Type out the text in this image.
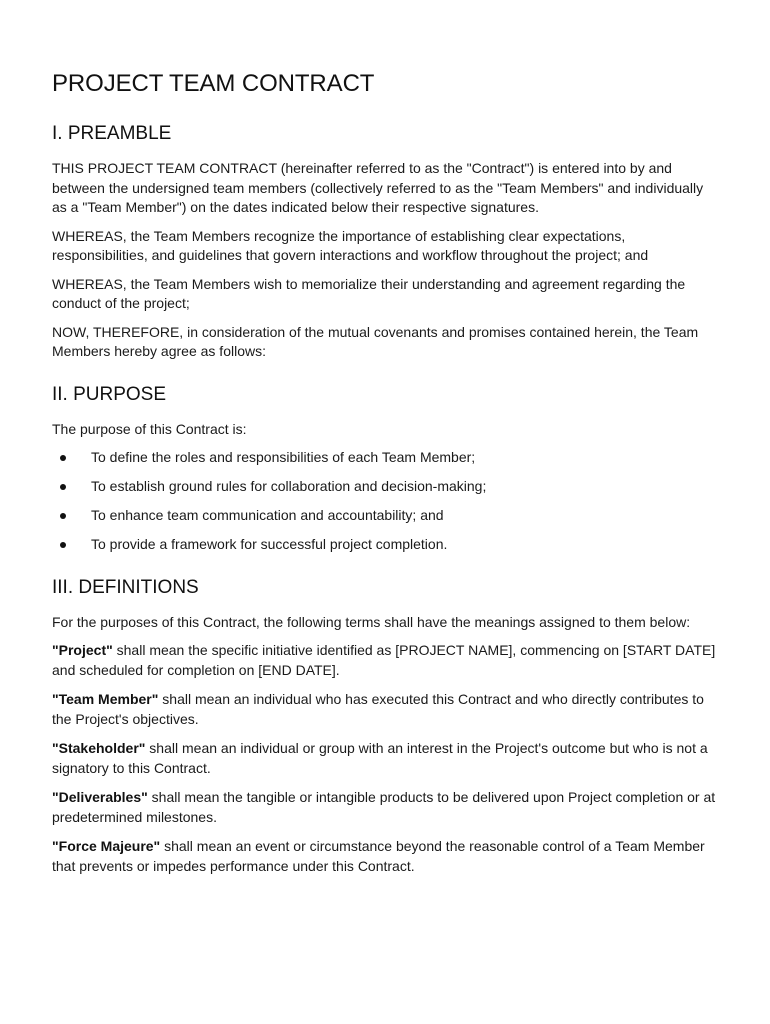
PROJECT TEAM CONTRACT
I. PREAMBLE

THIS PROJECT TEAM CONTRACT (hereinafter referred to as the "Contract") is entered into by and between the undersigned team members (collectively referred to as the "Team Members" and individually as a "Team Member") on the dates indicated below their respective signatures.

WHEREAS, the Team Members recognize the importance of establishing clear expectations, responsibilities, and guidelines that govern interactions and workflow throughout the project; and

WHEREAS, the Team Members wish to memorialize their understanding and agreement regarding the conduct of the project;

NOW, THEREFORE, in consideration of the mutual covenants and promises contained herein, the Team Members hereby agree as follows:

II. PURPOSE

The purpose of this Contract is:

To define the roles and responsibilities of each Team Member;
To establish ground rules for collaboration and decision-making;
To enhance team communication and accountability; and
To provide a framework for successful project completion.
III. DEFINITIONS

For the purposes of this Contract, the following terms shall have the meanings assigned to them below:

"Project" shall mean the specific initiative identified as [PROJECT NAME], commencing on [START DATE] and scheduled for completion on [END DATE].

"Team Member" shall mean an individual who has executed this Contract and who directly contributes to the Project's objectives.

"Stakeholder" shall mean an individual or group with an interest in the Project's outcome but who is not a signatory to this Contract.

"Deliverables" shall mean the tangible or intangible products to be delivered upon Project completion or at predetermined milestones.

"Force Majeure" shall mean an event or circumstance beyond the reasonable control of a Team Member that prevents or impedes performance under this Contract.
